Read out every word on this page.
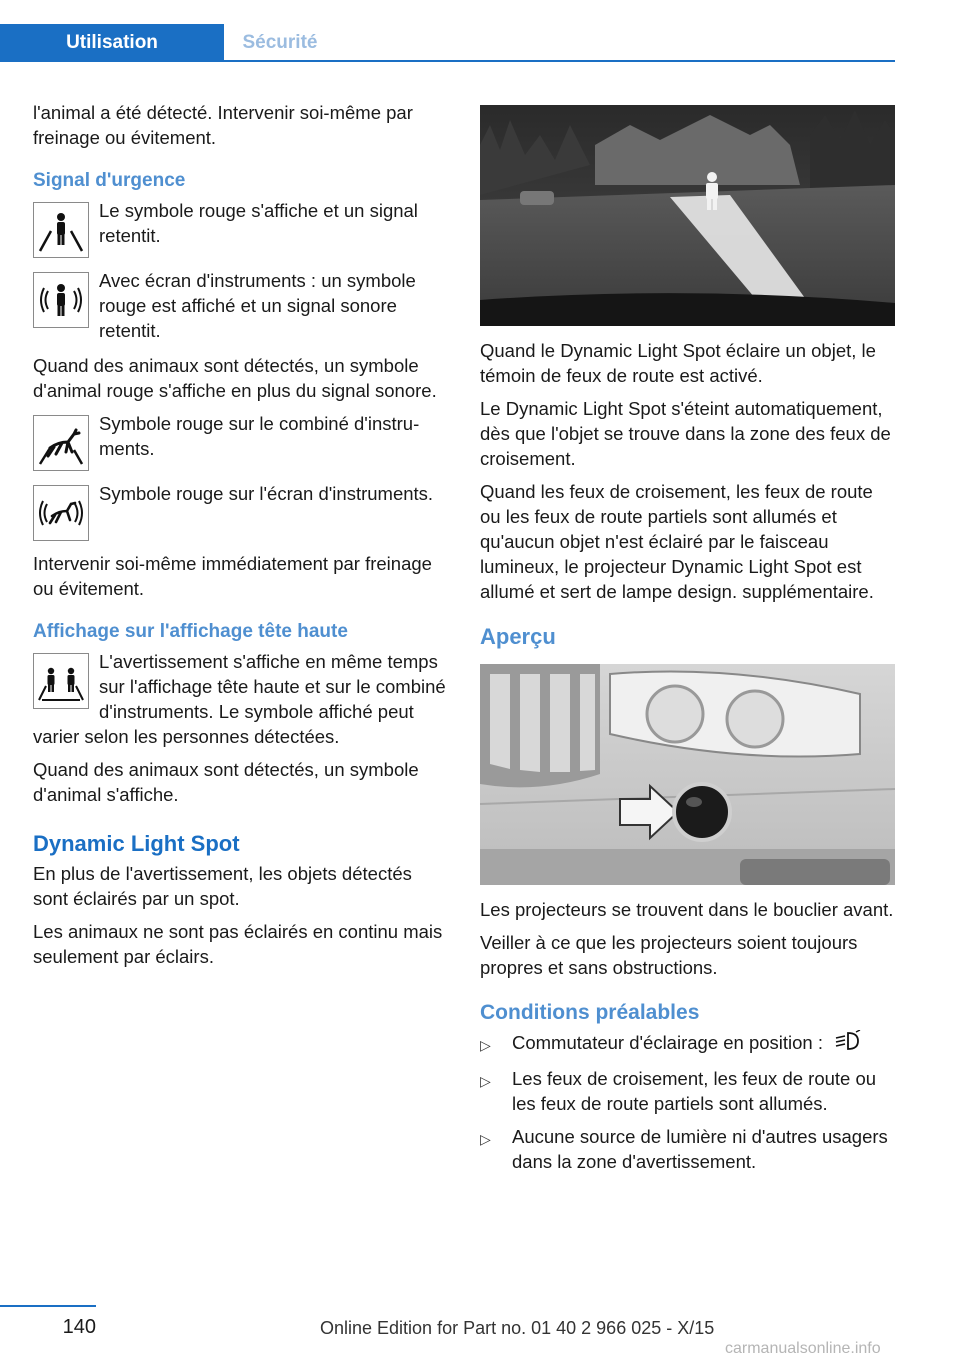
Utilisation	Sécurité

l'animal a été détecté. Intervenir soi-même par freinage ou évitement.

Signal d'urgence
Le symbole rouge s'affiche et un signal retentit.
Avec écran d'instruments : un symbole rouge est affiché et un signal sonore retentit.

Quand des animaux sont détectés, un symbole d'animal rouge s'affiche en plus du signal sonore.

Symbole rouge sur le combiné d'instruments.
Symbole rouge sur l'écran d'instruments.

Intervenir soi-même immédiatement par freinage ou évitement.

Affichage sur l'affichage tête haute
L'avertissement s'affiche en même temps sur l'affichage tête haute et sur le combiné d'instruments. Le symbole affiché peut varier selon les personnes détectées.

Quand des animaux sont détectés, un symbole d'animal s'affiche.

Dynamic Light Spot

En plus de l'avertissement, les objets détectés sont éclairés par un spot.

Les animaux ne sont pas éclairés en continu mais seulement par éclairs.

Quand le Dynamic Light Spot éclaire un objet, le témoin de feux de route est activé.

Le Dynamic Light Spot s'éteint automatiquement, dès que l'objet se trouve dans la zone des feux de croisement.

Quand les feux de croisement, les feux de route ou les feux de route partiels sont allumés et qu'aucun objet n'est éclairé par le faisceau lumineux, le projecteur Dynamic Light Spot est allumé et sert de lampe design. supplémentaire.

Aperçu

Les projecteurs se trouvent dans le bouclier avant.

Veiller à ce que les projecteurs soient toujours propres et sans obstructions.

Conditions préalables
▷	Commutateur d'éclairage en position :
▷	Les feux de croisement, les feux de route ou les feux de route partiels sont allumés.
▷	Aucune source de lumière ni d'autres usagers dans la zone d'avertissement.
140	Online Edition for Part no. 01 40 2 966 025 - X/15
carmanualsonline.info
